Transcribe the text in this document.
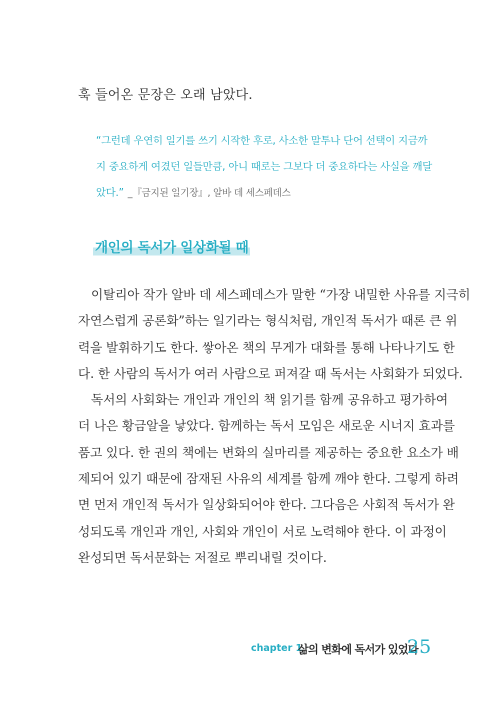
훅 들어온 문장은 오래 남았다.
“그런데 우연히 일기를 쓰기 시작한 후로, 사소한 말투나 단어 선택이 지금까
지 중요하게 여겼던 일들만큼, 아니 때로는 그보다 더 중요하다는 사실을 깨달
았다.” _『금지된 일기장』, 알바 데 세스페데스
개인의 독서가 일상화될 때
이탈리아 작가 알바 데 세스페데스가 말한 “가장 내밀한 사유를 지극히
자연스럽게 공론화”하는 일기라는 형식처럼, 개인적 독서가 때론 큰 위
력을 발휘하기도 한다. 쌓아온 책의 무게가 대화를 통해 나타나기도 한
다. 한 사람의 독서가 여러 사람으로 퍼져갈 때 독서는 사회화가 되었다.
독서의 사회화는 개인과 개인의 책 읽기를 함께 공유하고 평가하여
더 나은 황금알을 낳았다. 함께하는 독서 모임은 새로운 시너지 효과를
품고 있다. 한 권의 책에는 변화의 실마리를 제공하는 중요한 요소가 배
제되어 있기 때문에 잠재된 사유의 세계를 함께 깨야 한다. 그렇게 하려
면 먼저 개인적 독서가 일상화되어야 한다. 그다음은 사회적 독서가 완
성되도록 개인과 개인, 사회와 개인이 서로 노력해야 한다. 이 과정이
완성되면 독서문화는 저절로 뿌리내릴 것이다.
chapter 1
삶의 변화에 독서가 있었다
25
